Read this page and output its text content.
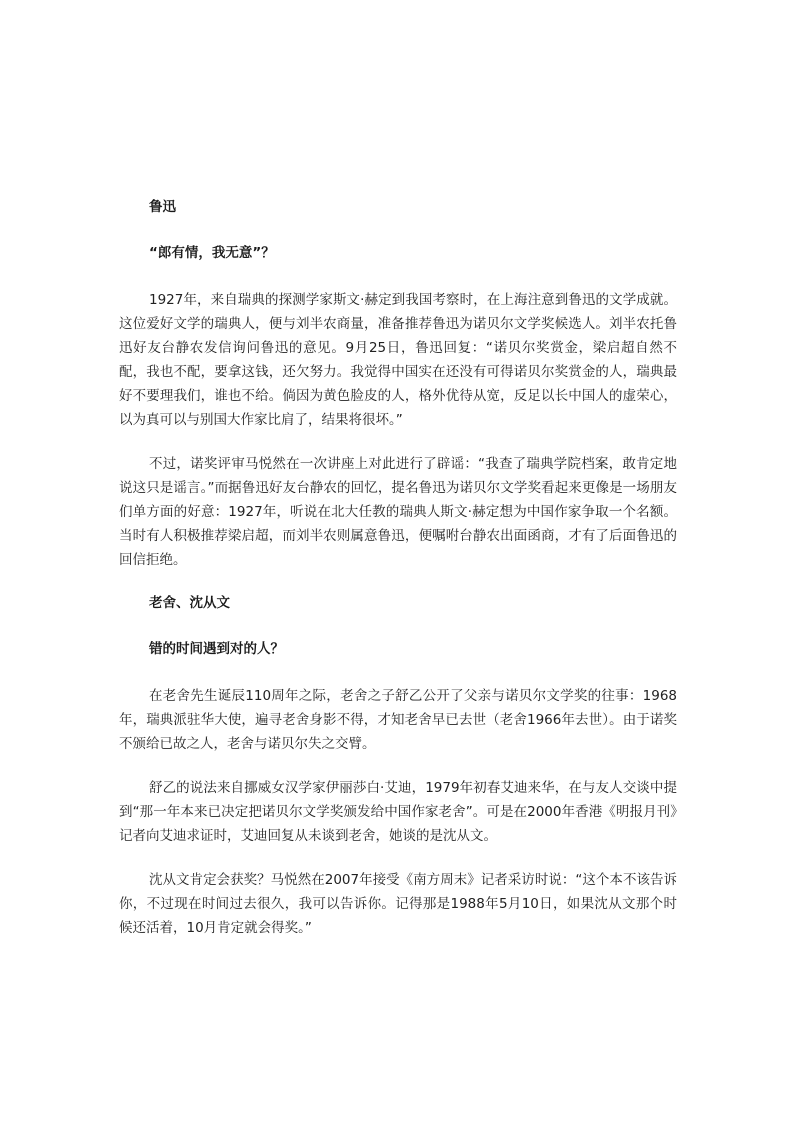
鲁迅

“郎有情，我无意”？

1927年，来自瑞典的探测学家斯文·赫定到我国考察时，在上海注意到鲁迅的文学成就。这位爱好文学的瑞典人，便与刘半农商量，准备推荐鲁迅为诺贝尔文学奖候选人。刘半农托鲁迅好友台静农发信询问鲁迅的意见。9月25日，鲁迅回复：“诺贝尔奖赏金，梁启超自然不配，我也不配，要拿这钱，还欠努力。我觉得中国实在还没有可得诺贝尔奖赏金的人，瑞典最好不要理我们，谁也不给。倘因为黄色脸皮的人，格外优待从宽，反足以长中国人的虚荣心，以为真可以与别国大作家比肩了，结果将很坏。”

不过，诺奖评审马悦然在一次讲座上对此进行了辟谣：“我查了瑞典学院档案，敢肯定地说这只是谣言。”而据鲁迅好友台静农的回忆，提名鲁迅为诺贝尔文学奖看起来更像是一场朋友们单方面的好意：1927年，听说在北大任教的瑞典人斯文·赫定想为中国作家争取一个名额。当时有人积极推荐梁启超，而刘半农则属意鲁迅，便嘱咐台静农出面函商，才有了后面鲁迅的回信拒绝。

老舍、沈从文

错的时间遇到对的人？

在老舍先生诞辰110周年之际，老舍之子舒乙公开了父亲与诺贝尔文学奖的往事：1968年，瑞典派驻华大使，遍寻老舍身影不得，才知老舍早已去世（老舍1966年去世）。由于诺奖不颁给已故之人，老舍与诺贝尔失之交臂。

舒乙的说法来自挪威女汉学家伊丽莎白·艾迪，1979年初春艾迪来华，在与友人交谈中提到“那一年本来已决定把诺贝尔文学奖颁发给中国作家老舍”。可是在2000年香港《明报月刊》记者向艾迪求证时，艾迪回复从未谈到老舍，她谈的是沈从文。

沈从文肯定会获奖？马悦然在2007年接受《南方周末》记者采访时说：“这个本不该告诉你，不过现在时间过去很久，我可以告诉你。记得那是1988年5月10日，如果沈从文那个时候还活着，10月肯定就会得奖。”
